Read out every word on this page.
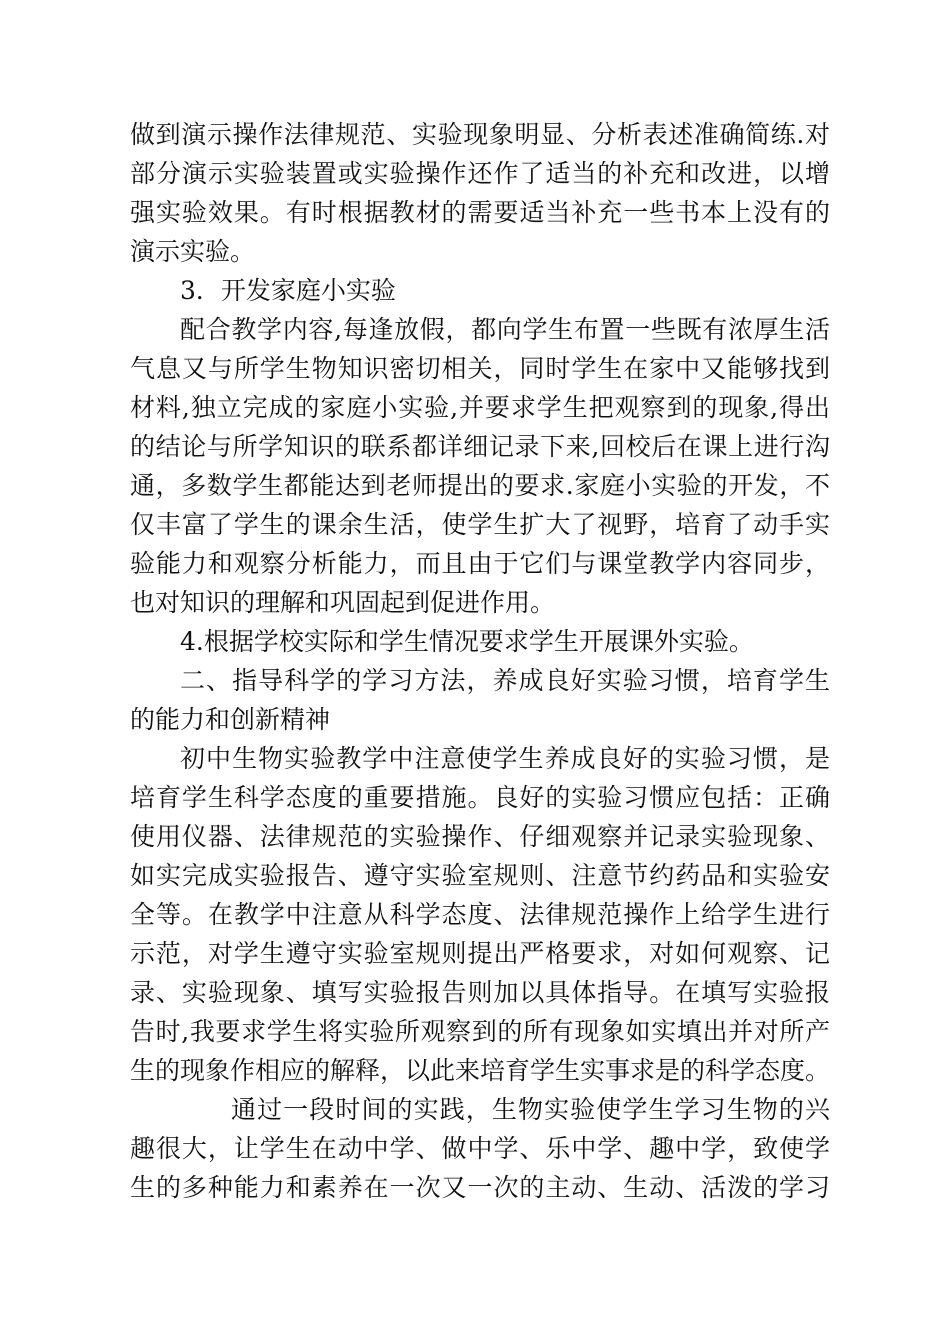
做到演示操作法律规范、实验现象明显、分析表述准确简练.对
部分演示实验装置或实验操作还作了适当的补充和改进，以增
强实验效果。有时根据教材的需要适当补充一些书本上没有的
演示实验。
3．开发家庭小实验
配合教学内容,每逢放假，都向学生布置一些既有浓厚生活
气息又与所学生物知识密切相关，同时学生在家中又能够找到
材料,独立完成的家庭小实验,并要求学生把观察到的现象,得出
的结论与所学知识的联系都详细记录下来,回校后在课上进行沟
通，多数学生都能达到老师提出的要求.家庭小实验的开发，不
仅丰富了学生的课余生活，使学生扩大了视野，培育了动手实
验能力和观察分析能力，而且由于它们与课堂教学内容同步，
也对知识的理解和巩固起到促进作用。
4.根据学校实际和学生情况要求学生开展课外实验。
二、指导科学的学习方法，养成良好实验习惯，培育学生
的能力和创新精神
初中生物实验教学中注意使学生养成良好的实验习惯，是
培育学生科学态度的重要措施。良好的实验习惯应包括：正确
使用仪器、法律规范的实验操作、仔细观察并记录实验现象、
如实完成实验报告、遵守实验室规则、注意节约药品和实验安
全等。在教学中注意从科学态度、法律规范操作上给学生进行
示范，对学生遵守实验室规则提出严格要求，对如何观察、记
录、实验现象、填写实验报告则加以具体指导。在填写实验报
告时,我要求学生将实验所观察到的所有现象如实填出并对所产
生的现象作相应的解释，以此来培育学生实事求是的科学态度。
通过一段时间的实践，生物实验使学生学习生物的兴
趣很大，让学生在动中学、做中学、乐中学、趣中学，致使学
生的多种能力和素养在一次又一次的主动、生动、活泼的学习
